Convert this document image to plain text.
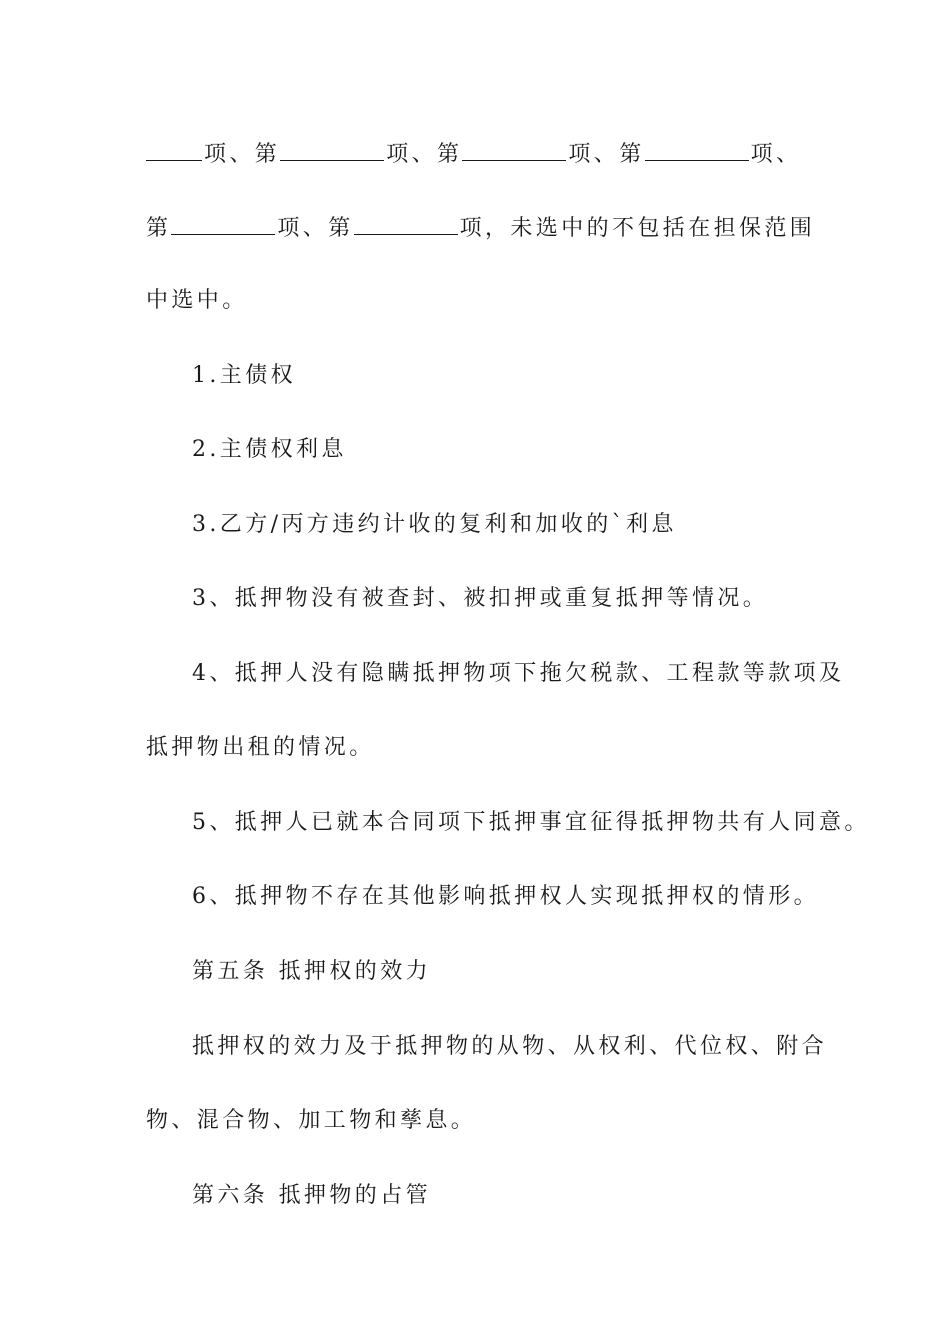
项、第	项、第	项、第	项、
第	项、第	项，未选中的不包括在担保范围
中选中。
1.主债权
2.主债权利息
3.乙方/丙方违约计收的复利和加收的`利息
3、抵押物没有被查封、被扣押或重复抵押等情况。
4、抵押人没有隐瞒抵押物项下拖欠税款、工程款等款项及
抵押物出租的情况。
5、抵押人已就本合同项下抵押事宜征得抵押物共有人同意。
6、抵押物不存在其他影响抵押权人实现抵押权的情形。
第五条 抵押权的效力
抵押权的效力及于抵押物的从物、从权利、代位权、附合
物、混合物、加工物和孳息。
第六条 抵押物的占管
